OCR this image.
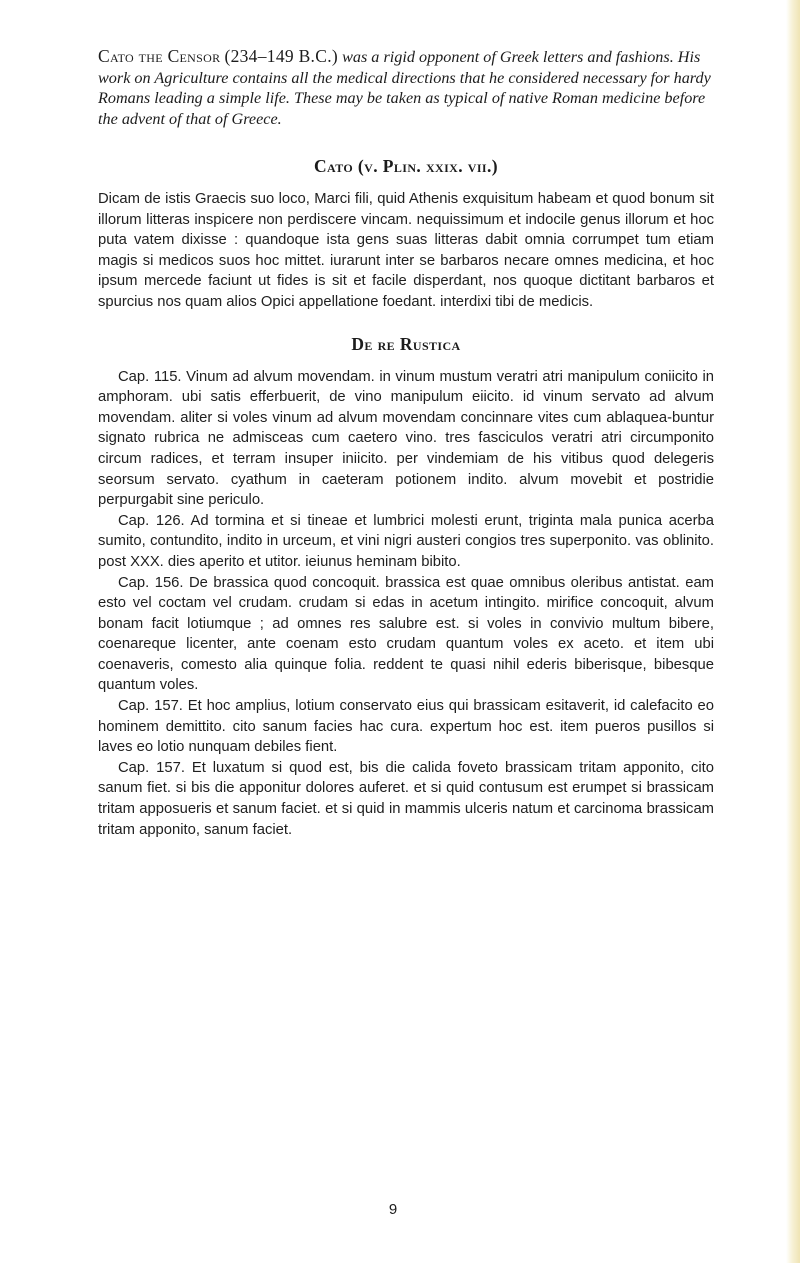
Cato the Censor (234–149 B.C.) was a rigid opponent of Greek letters and fashions. His work on Agriculture contains all the medical directions that he considered necessary for hardy Romans leading a simple life. These may be taken as typical of native Roman medicine before the advent of that of Greece.

Cato (v. Plin. xxix. vii.)

Dicam de istis Graecis suo loco, Marci fili, quid Athenis exquisitum habeam et quod bonum sit illorum litteras inspicere non perdiscere vincam. nequissimum et indocile genus illorum et hoc puta vatem dixisse : quandoque ista gens suas litteras dabit omnia corrumpet tum etiam magis si medicos suos hoc mittet. iurarunt inter se barbaros necare omnes medicina, et hoc ipsum mercede faciunt ut fides is sit et facile disperdant, nos quoque dictitant barbaros et spurcius nos quam alios Opici appellatione foedant. interdixi tibi de medicis.

De re Rustica

Cap. 115. Vinum ad alvum movendam. in vinum mustum veratri atri manipulum coniicito in amphoram. ubi satis efferbuerit, de vino manipulum eiicito. id vinum servato ad alvum movendam. aliter si voles vinum ad alvum movendam concinnare vites cum ablaquea-buntur signato rubrica ne admisceas cum caetero vino. tres fasciculos veratri atri circumponito circum radices, et terram insuper iniicito. per vindemiam de his vitibus quod delegeris seorsum servato. cyathum in caeteram potionem indito. alvum movebit et postridie perpurgabit sine periculo.

Cap. 126. Ad tormina et si tineae et lumbrici molesti erunt, triginta mala punica acerba sumito, contundito, indito in urceum, et vini nigri austeri congios tres superponito. vas oblinito. post XXX. dies aperito et utitor. ieiunus heminam bibito.

Cap. 156. De brassica quod concoquit. brassica est quae omnibus oleribus antistat. eam esto vel coctam vel crudam. crudam si edas in acetum intingito. mirifice concoquit, alvum bonam facit lotiumque ; ad omnes res salubre est. si voles in convivio multum bibere, coenareque licenter, ante coenam esto crudam quantum voles ex aceto. et item ubi coenaveris, comesto alia quinque folia. reddent te quasi nihil ederis biberisque, bibesque quantum voles.

Cap. 157. Et hoc amplius, lotium conservato eius qui brassicam esitaverit, id calefacito eo hominem demittito. cito sanum facies hac cura. expertum hoc est. item pueros pusillos si laves eo lotio nunquam debiles fient.

Cap. 157. Et luxatum si quod est, bis die calida foveto brassicam tritam apponito, cito sanum fiet. si bis die apponitur dolores auferet. et si quid contusum est erumpet si brassicam tritam apposueris et sanum faciet. et si quid in mammis ulceris natum et carcinoma brassicam tritam apponito, sanum faciet.

9
